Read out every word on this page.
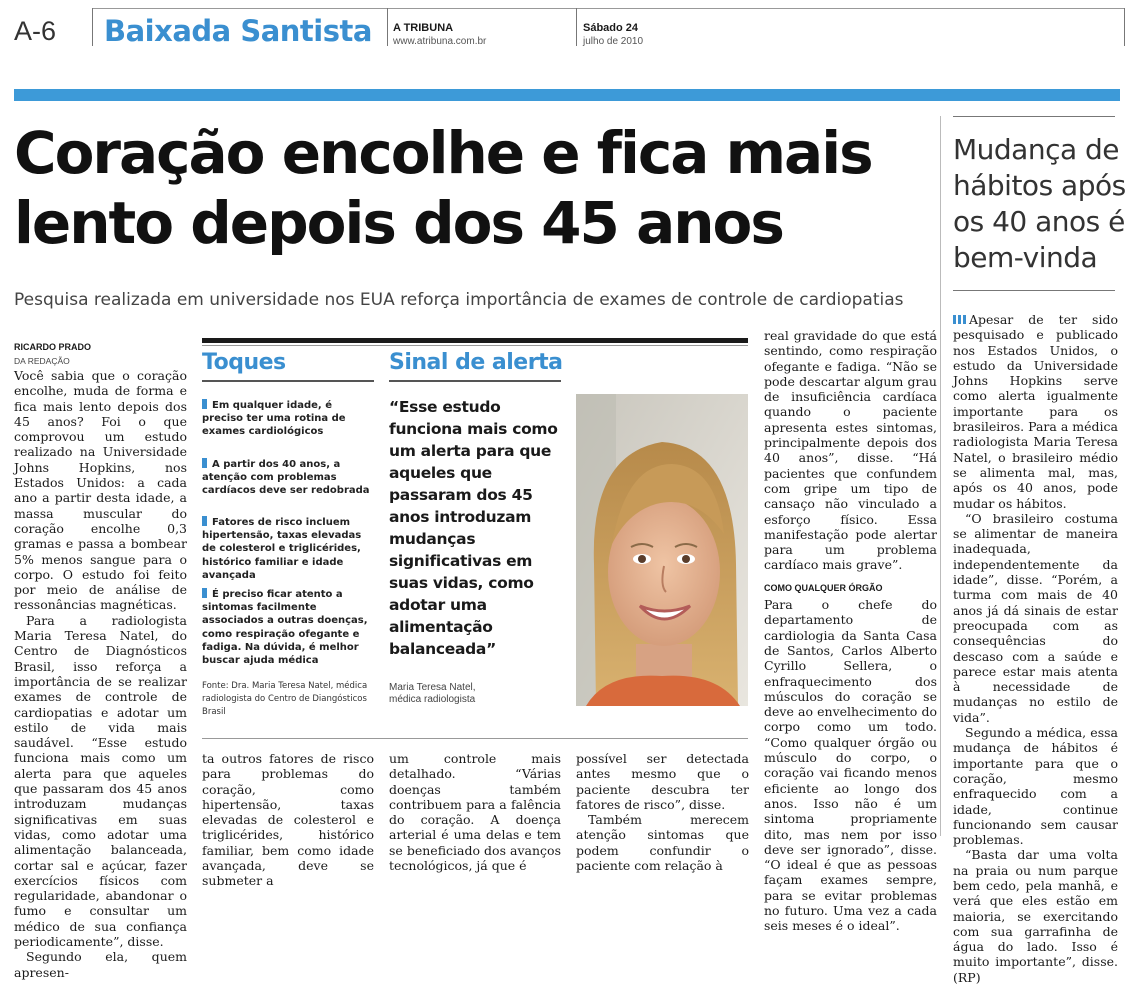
A-6 Baixada Santista A TRIBUNA
www.atribuna.com.br
Sábado 24
julho de 2010
Coração encolhe e fica mais
lento depois dos 45 anos
Pesquisa realizada em universidade nos EUA reforça importância de exames de controle de cardiopatias
Mudança de hábitos após os 40 anos é bem-vinda
RICARDO PRADO
DA REDAÇÃO

Você sabia que o coração encolhe, muda de forma e fica mais lento depois dos 45 anos? Foi o que comprovou um estudo realizado na Universidade Johns Hopkins, nos Estados Unidos: a cada ano a partir desta idade, a massa muscular do coração encolhe 0,3 gramas e passa a bombear 5% menos sangue para o corpo. O estudo foi feito por meio de análise de ressonâncias magnéticas.

Para a radiologista Maria Teresa Natel, do Centro de Diagnósticos Brasil, isso reforça a importância de se realizar exames de controle de cardiopatias e adotar um estilo de vida mais saudável. “Esse estudo funciona mais como um alerta para que aqueles que passaram dos 45 anos introduzam mudanças significativas em suas vidas, como adotar uma alimentação balanceada, cortar sal e açúcar, fazer exercícios físicos com regularidade, abandonar o fumo e consultar um médico de sua confiança periodicamente”, disse.

Segundo ela, quem apresen-

Toques	Sinal de alerta
Em qualquer idade, é preciso ter uma rotina de exames cardiológicos
A partir dos 40 anos, a atenção com problemas cardíacos deve ser redobrada
Fatores de risco incluem hipertensão, taxas elevadas de colesterol e triglicérides, histórico familiar e idade avançada
É preciso ficar atento a sintomas facilmente associados a outras doenças, como respiração ofegante e fadiga. Na dúvida, é melhor buscar ajuda médica
Fonte: Dra. Maria Teresa Natel, médica radiologista do Centro de Diangósticos Brasil
“Esse estudo funciona mais como um alerta para que aqueles que passaram dos 45 anos introduzam mudanças significativas em suas vidas, como adotar uma alimentação balanceada”
Maria Teresa Natel,
médica radiologista

ta outros fatores de risco para problemas do coração, como hipertensão, taxas elevadas de colesterol e triglicérides, histórico familiar, bem como idade avançada, deve se submeter a

um controle mais detalhado. “Várias doenças também contribuem para a falência do coração. A doença arterial é uma delas e tem se beneficiado dos avanços tecnológicos, já que é

possível ser detectada antes mesmo que o paciente descubra ter fatores de risco”, disse.

Também merecem atenção sintomas que podem confundir o paciente com relação à

real gravidade do que está sentindo, como respiração ofegante e fadiga. “Não se pode descartar algum grau de insuficiência cardíaca quando o paciente apresenta estes sintomas, principalmente depois dos 40 anos”, disse. “Há pacientes que confundem com gripe um tipo de cansaço não vinculado a esforço físico. Essa manifestação pode alertar para um problema cardíaco mais grave”.

COMO QUALQUER ÓRGÃO

Para o chefe do departamento de cardiologia da Santa Casa de Santos, Carlos Alberto Cyrillo Sellera, o enfraquecimento dos músculos do coração se deve ao envelhecimento do corpo como um todo. “Como qualquer órgão ou músculo do corpo, o coração vai ficando menos eficiente ao longo dos anos. Isso não é um sintoma propriamente dito, mas nem por isso deve ser ignorado”, disse. “O ideal é que as pessoas façam exames sempre, para se evitar problemas no futuro. Uma vez a cada seis meses é o ideal”.

Apesar de ter sido pesquisado e publicado nos Estados Unidos, o estudo da Universidade Johns Hopkins serve como alerta igualmente importante para os brasileiros. Para a médica radiologista Maria Teresa Natel, o brasileiro médio se alimenta mal, mas, após os 40 anos, pode mudar os hábitos.

“O brasileiro costuma se alimentar de maneira inadequada, independentemente da idade”, disse. “Porém, a turma com mais de 40 anos já dá sinais de estar preocupada com as consequências do descaso com a saúde e parece estar mais atenta à necessidade de mudanças no estilo de vida”.

Segundo a médica, essa mudança de hábitos é importante para que o coração, mesmo enfraquecido com a idade, continue funcionando sem causar problemas.

“Basta dar uma volta na praia ou num parque bem cedo, pela manhã, e verá que eles estão em maioria, se exercitando com sua garrafinha de água do lado. Isso é muito importante”, disse. (RP)
